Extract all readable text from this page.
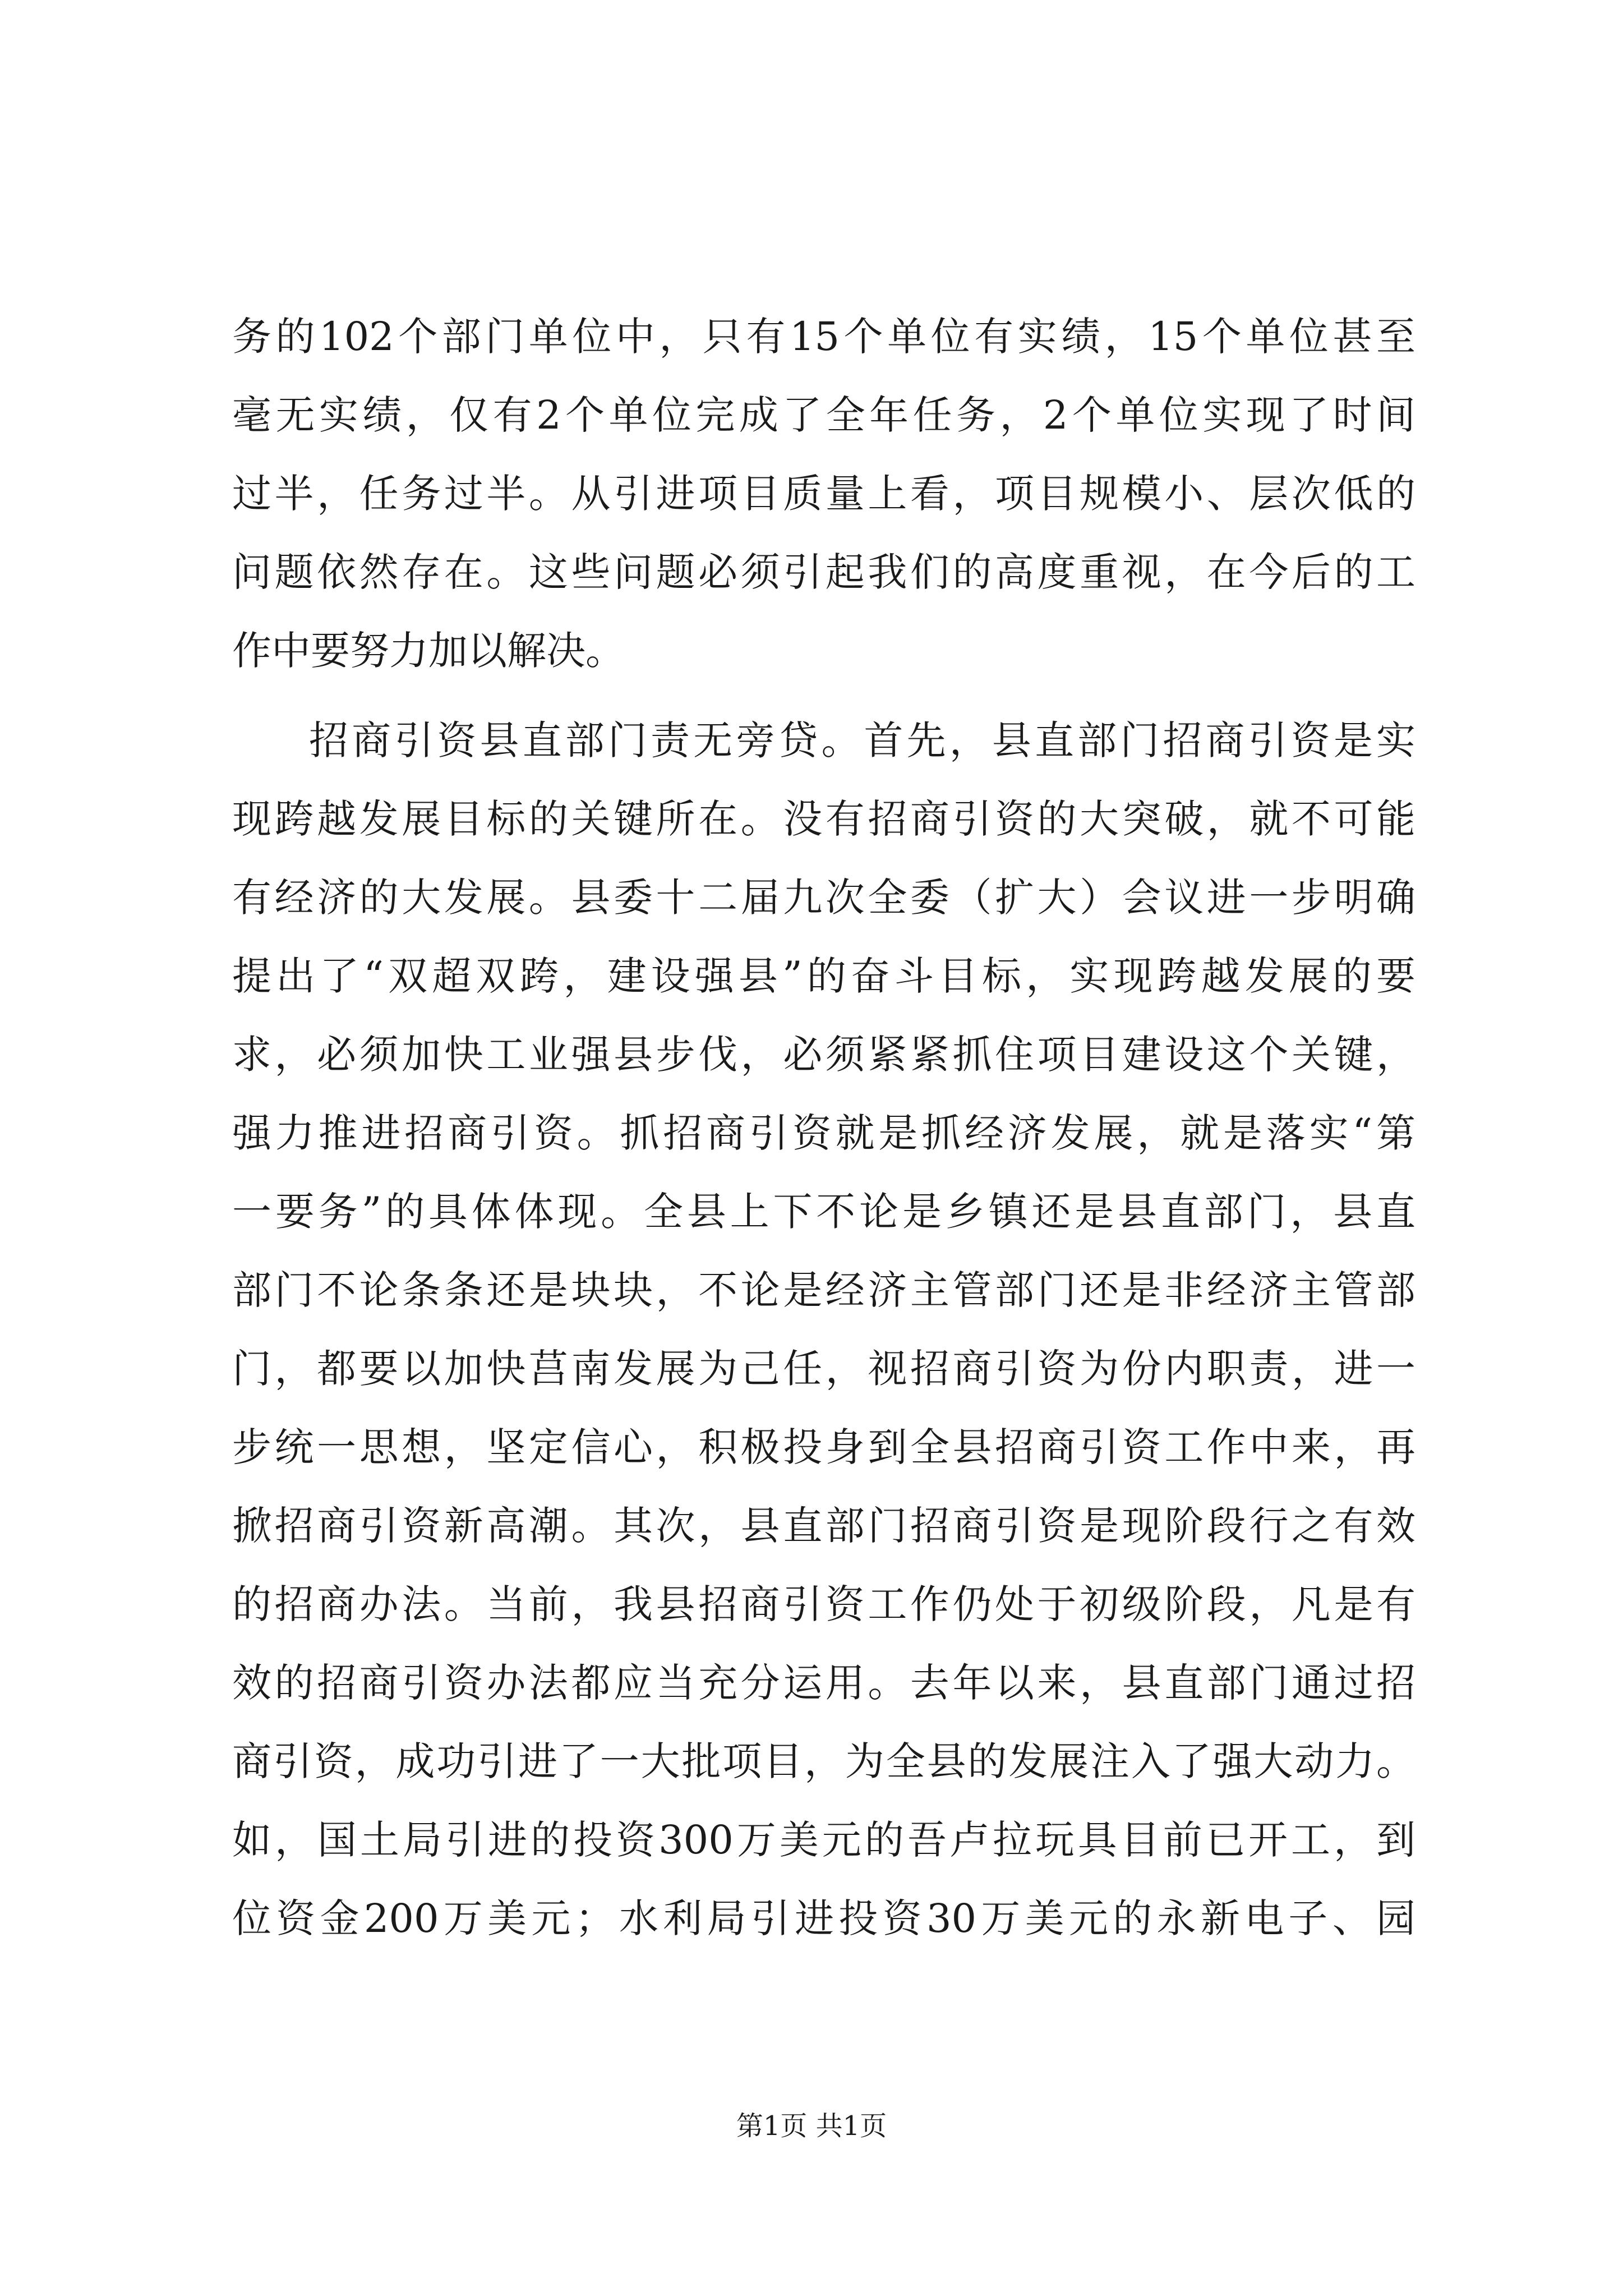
务的102个部门单位中，只有15个单位有实绩，15个单位甚至
毫无实绩，仅有2个单位完成了全年任务，2个单位实现了时间
过半，任务过半。从引进项目质量上看，项目规模小、层次低的
问题依然存在。这些问题必须引起我们的高度重视，在今后的工
作中要努力加以解决。
招商引资县直部门责无旁贷。首先，县直部门招商引资是实
现跨越发展目标的关键所在。没有招商引资的大突破，就不可能
有经济的大发展。县委十二届九次全委（扩大）会议进一步明确
提出了“双超双跨，建设强县”的奋斗目标，实现跨越发展的要
求，必须加快工业强县步伐，必须紧紧抓住项目建设这个关键，
强力推进招商引资。抓招商引资就是抓经济发展，就是落实“第
一要务”的具体体现。全县上下不论是乡镇还是县直部门，县直
部门不论条条还是块块，不论是经济主管部门还是非经济主管部
门，都要以加快莒南发展为己任，视招商引资为份内职责，进一
步统一思想，坚定信心，积极投身到全县招商引资工作中来，再
掀招商引资新高潮。其次，县直部门招商引资是现阶段行之有效
的招商办法。当前，我县招商引资工作仍处于初级阶段，凡是有
效的招商引资办法都应当充分运用。去年以来，县直部门通过招
商引资，成功引进了一大批项目，为全县的发展注入了强大动力。
如，国土局引进的投资300万美元的吾卢拉玩具目前已开工，到
位资金200万美元；水利局引进投资30万美元的永新电子、园
第1页 共1页
